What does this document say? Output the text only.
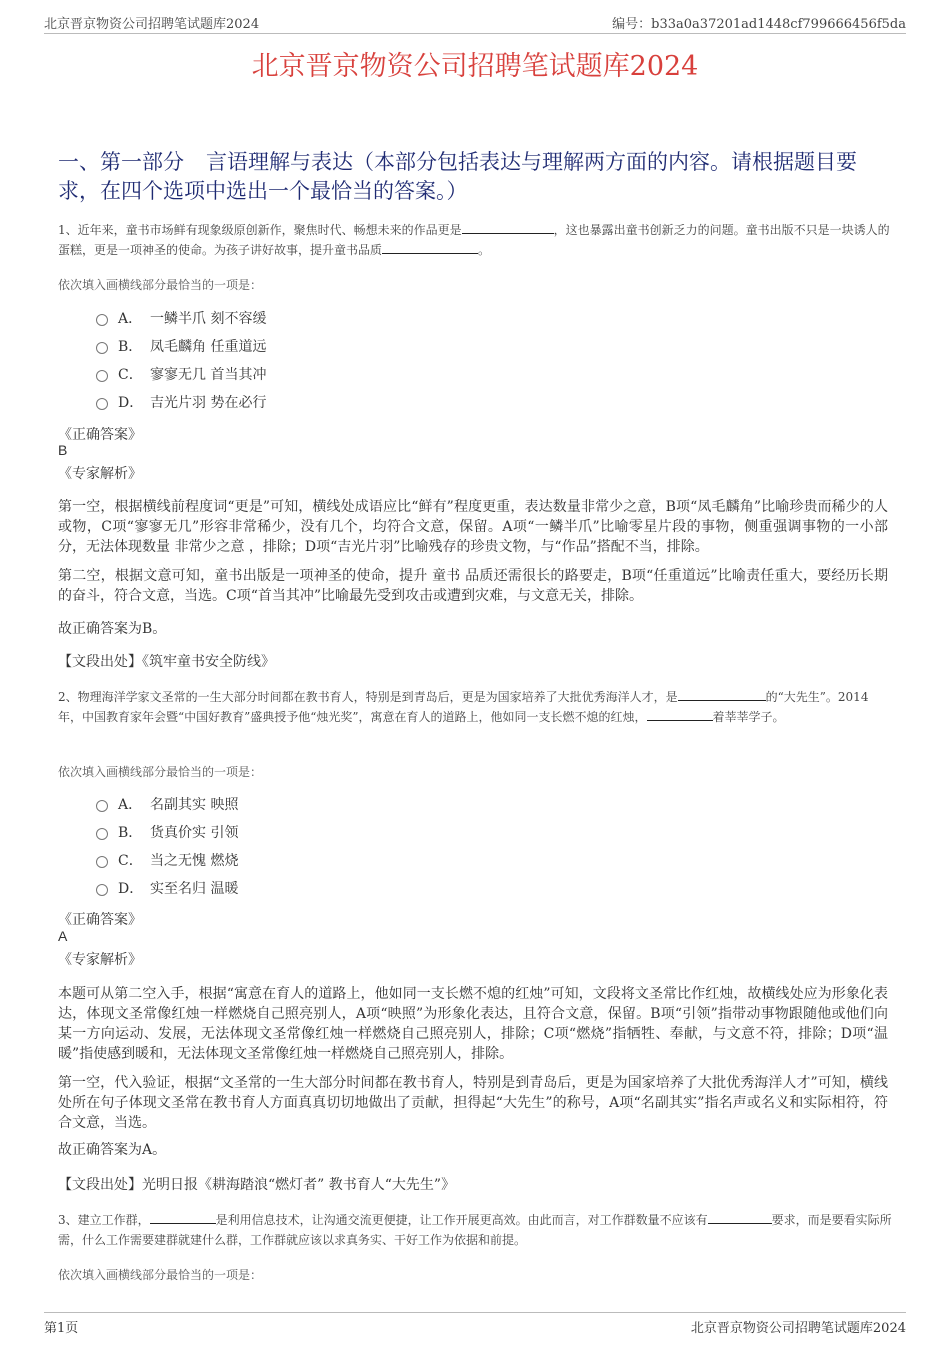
北京晋京物资公司招聘笔试题库2024	编号：b33a0a37201ad1448cf799666456f5da
北京晋京物资公司招聘笔试题库2024
一、第一部分 言语理解与表达（本部分包括表达与理解两方面的内容。请根据题目要求，在四个选项中选出一个最恰当的答案。）
1、近年来，童书市场鲜有现象级原创新作，聚焦时代、畅想未来的作品更是	，这也暴露出童书创新乏力的问题。童书出版不只是一块诱人的蛋糕，更是一项神圣的使命。为孩子讲好故事，提升童书品质	。
依次填入画横线部分最恰当的一项是：
A． 一鳞半爪 刻不容缓
B． 凤毛麟角 任重道远
C． 寥寥无几 首当其冲
D． 吉光片羽 势在必行
《正确答案》
B
《专家解析》
第一空，根据横线前程度词“更是”可知，横线处成语应比“鲜有”程度更重，表达数量非常少之意，B项“凤毛麟角”比喻珍贵而稀少的人或物，C项“寥寥无几”形容非常稀少，没有几个，均符合文意，保留。A项“一鳞半爪”比喻零星片段的事物，侧重强调事物的一小部分，无法体现数量 非常少之意 ，排除；D项“吉光片羽”比喻残存的珍贵文物，与“作品”搭配不当，排除。
第二空，根据文意可知，童书出版是一项神圣的使命，提升 童书 品质还需很长的路要走，B项“任重道远”比喻责任重大，要经历长期的奋斗，符合文意，当选。C项“首当其冲”比喻最先受到攻击或遭到灾难，与文意无关，排除。
故正确答案为B。
【文段出处】《筑牢童书安全防线》
2、物理海洋学家文圣常的一生大部分时间都在教书育人，特别是到青岛后，更是为国家培养了大批优秀海洋人才，是	的“大先生”。2014年，中国教育家年会暨“中国好教育”盛典授予他“烛光奖”，寓意在育人的道路上，他如同一支长燃不熄的红烛，	着莘莘学子。
依次填入画横线部分最恰当的一项是：
A． 名副其实 映照
B． 货真价实 引领
C． 当之无愧 燃烧
D． 实至名归 温暖
《正确答案》
A
《专家解析》
本题可从第二空入手，根据“寓意在育人的道路上，他如同一支长燃不熄的红烛”可知，文段将文圣常比作红烛，故横线处应为形象化表达，体现文圣常像红烛一样燃烧自己照亮别人，A项“映照”为形象化表达，且符合文意，保留。B项“引领”指带动事物跟随他或他们向某一方向运动、发展，无法体现文圣常像红烛一样燃烧自己照亮别人，排除；C项“燃烧”指牺牲、奉献，与文意不符，排除；D项“温暖”指使感到暖和，无法体现文圣常像红烛一样燃烧自己照亮别人，排除。
第一空，代入验证，根据“文圣常的一生大部分时间都在教书育人，特别是到青岛后，更是为国家培养了大批优秀海洋人才”可知，横线处所在句子体现文圣常在教书育人方面真真切切地做出了贡献，担得起“大先生”的称号，A项“名副其实”指名声或名义和实际相符，符合文意，当选。
故正确答案为A。
【文段出处】光明日报《耕海踏浪“燃灯者” 教书育人“大先生”》
3、建立工作群，	是利用信息技术，让沟通交流更便捷，让工作开展更高效。由此而言，对工作群数量不应该有	要求，而是要看实际所需，什么工作需要建群就建什么群，工作群就应该以求真务实、干好工作为依据和前提。
依次填入画横线部分最恰当的一项是：
第1页	北京晋京物资公司招聘笔试题库2024
